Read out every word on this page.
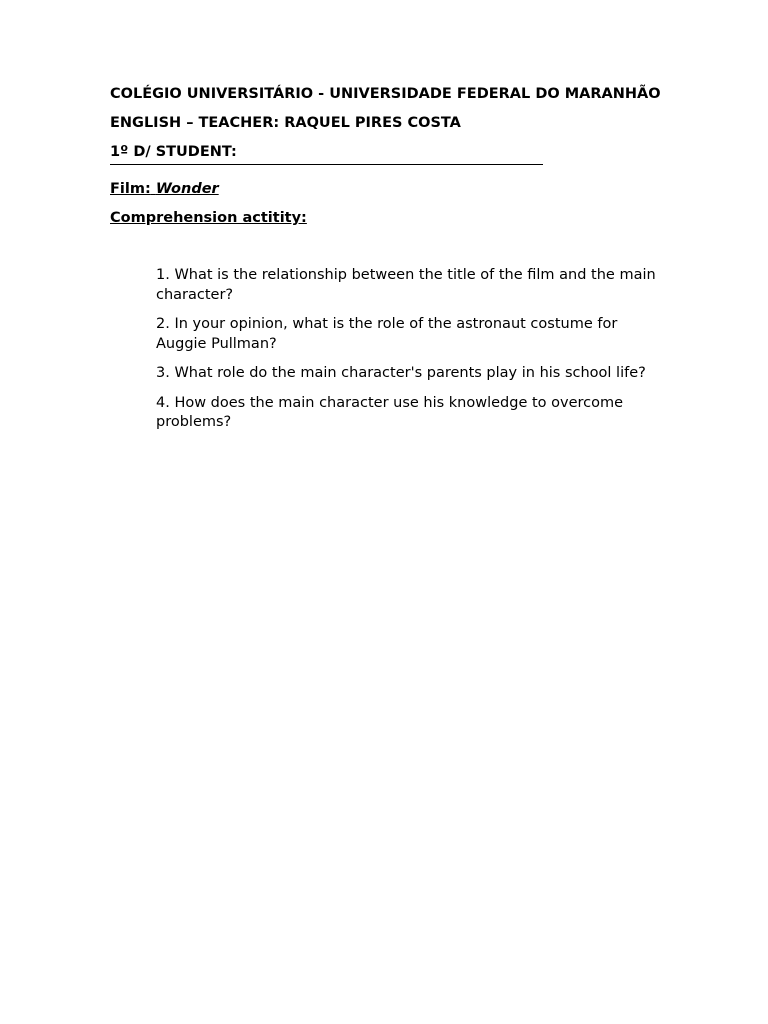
COLÉGIO UNIVERSITÁRIO - UNIVERSIDADE FEDERAL DO MARANHÃO
ENGLISH – TEACHER: RAQUEL PIRES COSTA
1º D/ STUDENT:
Film: Wonder
Comprehension actitity:
1. What is the relationship between the title of the film and the main character?
2. In your opinion, what is the role of the astronaut costume for Auggie Pullman?
3. What role do the main character's parents play in his school life?
4. How does the main character use his knowledge to overcome problems?
